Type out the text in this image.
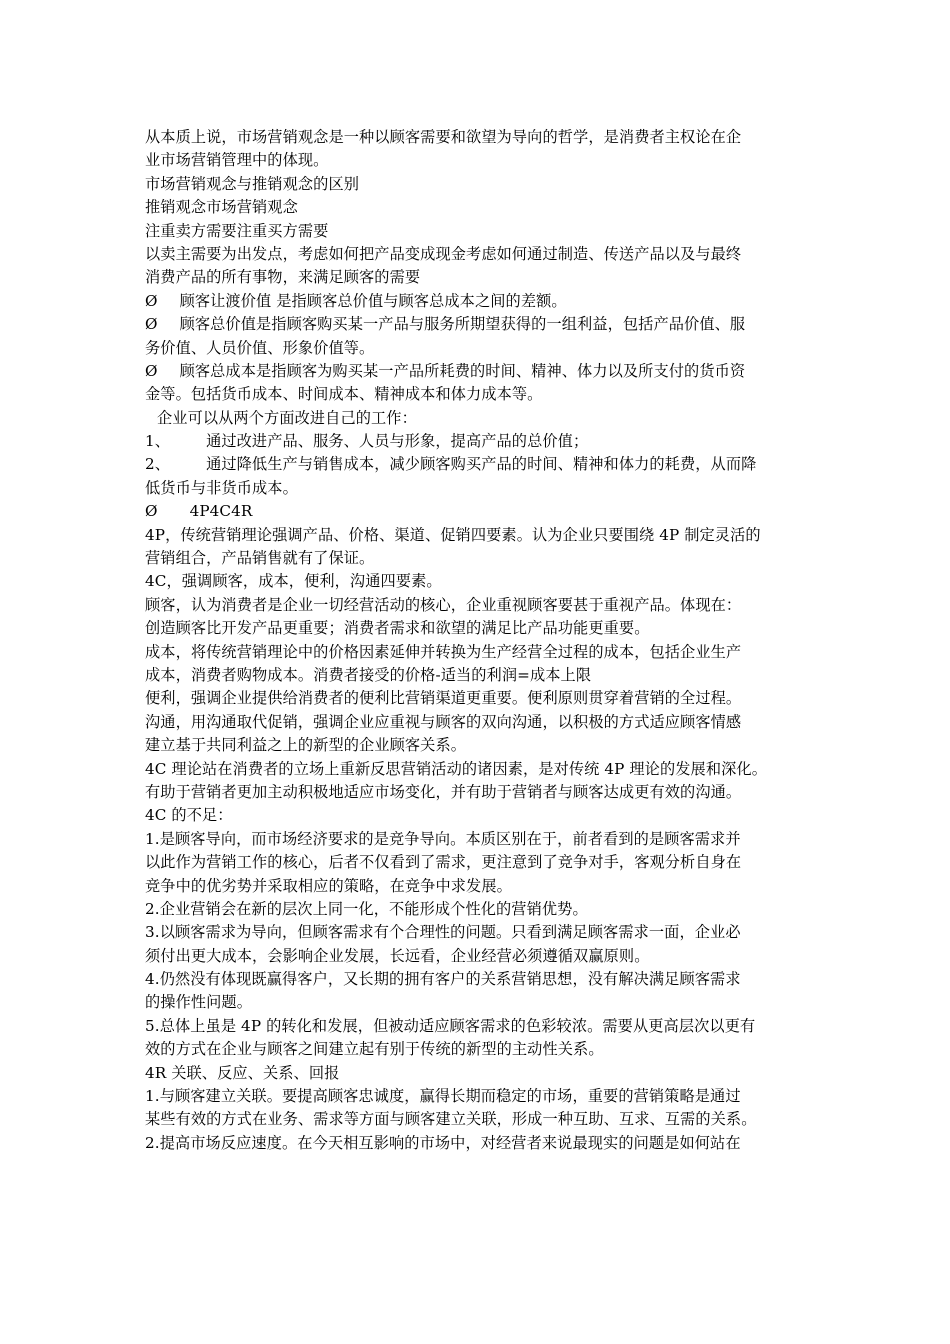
从本质上说，市场营销观念是一种以顾客需要和欲望为导向的哲学，是消费者主权论在企
业市场营销管理中的体现。
市场营销观念与推销观念的区别
推销观念市场营销观念
注重卖方需要注重买方需要
以卖主需要为出发点，考虑如何把产品变成现金考虑如何通过制造、传送产品以及与最终
消费产品的所有事物，来满足顾客的需要
Ø 顾客让渡价值 是指顾客总价值与顾客总成本之间的差额。
Ø 顾客总价值是指顾客购买某一产品与服务所期望获得的一组利益，包括产品价值、服
务价值、人员价值、形象价值等。
Ø 顾客总成本是指顾客为购买某一产品所耗费的时间、精神、体力以及所支付的货币资
金等。包括货币成本、时间成本、精神成本和体力成本等。
企业可以从两个方面改进自己的工作：
1、 通过改进产品、服务、人员与形象，提高产品的总价值；
2、 通过降低生产与销售成本，减少顾客购买产品的时间、精神和体力的耗费，从而降
低货币与非货币成本。
Ø 4P4C4R
4P，传统营销理论强调产品、价格、渠道、促销四要素。认为企业只要围绕 4P 制定灵活的
营销组合，产品销售就有了保证。
4C，强调顾客，成本，便利，沟通四要素。
顾客，认为消费者是企业一切经营活动的核心，企业重视顾客要甚于重视产品。体现在：
创造顾客比开发产品更重要；消费者需求和欲望的满足比产品功能更重要。
成本，将传统营销理论中的价格因素延伸并转换为生产经营全过程的成本，包括企业生产
成本，消费者购物成本。消费者接受的价格-适当的利润=成本上限
便利，强调企业提供给消费者的便利比营销渠道更重要。便利原则贯穿着营销的全过程。
沟通，用沟通取代促销，强调企业应重视与顾客的双向沟通，以积极的方式适应顾客情感
建立基于共同利益之上的新型的企业顾客关系。
4C 理论站在消费者的立场上重新反思营销活动的诸因素，是对传统 4P 理论的发展和深化。
有助于营销者更加主动积极地适应市场变化，并有助于营销者与顾客达成更有效的沟通。
4C 的不足：
1.是顾客导向，而市场经济要求的是竞争导向。本质区别在于，前者看到的是顾客需求并
以此作为营销工作的核心，后者不仅看到了需求，更注意到了竞争对手，客观分析自身在
竞争中的优劣势并采取相应的策略，在竞争中求发展。
2.企业营销会在新的层次上同一化，不能形成个性化的营销优势。
3.以顾客需求为导向，但顾客需求有个合理性的问题。只看到满足顾客需求一面，企业必
须付出更大成本，会影响企业发展，长远看，企业经营必须遵循双赢原则。
4.仍然没有体现既赢得客户，又长期的拥有客户的关系营销思想，没有解决满足顾客需求
的操作性问题。
5.总体上虽是 4P 的转化和发展，但被动适应顾客需求的色彩较浓。需要从更高层次以更有
效的方式在企业与顾客之间建立起有别于传统的新型的主动性关系。
4R 关联、反应、关系、回报
1.与顾客建立关联。要提高顾客忠诚度，赢得长期而稳定的市场，重要的营销策略是通过
某些有效的方式在业务、需求等方面与顾客建立关联，形成一种互助、互求、互需的关系。
2.提高市场反应速度。在今天相互影响的市场中，对经营者来说最现实的问题是如何站在
